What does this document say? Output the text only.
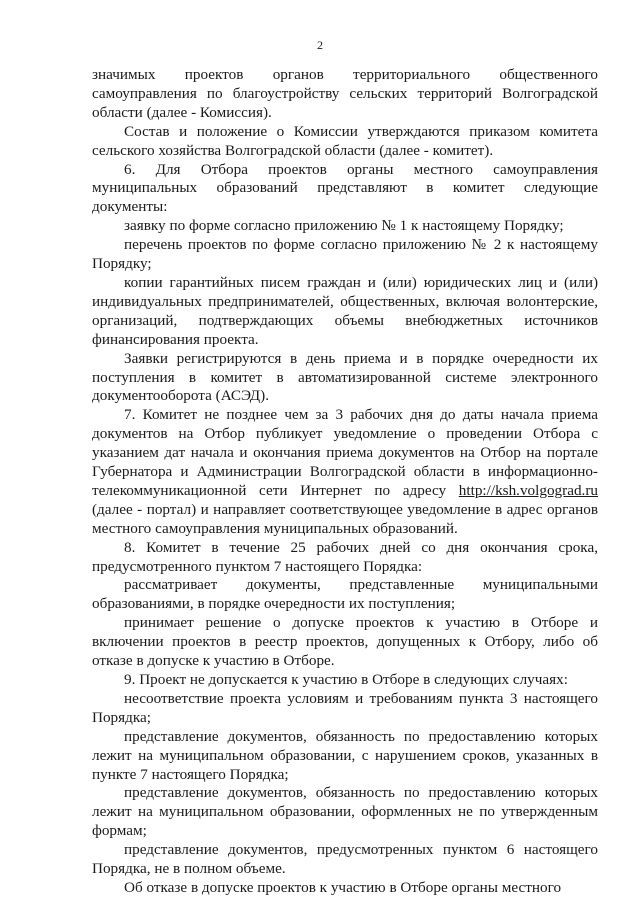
2

значимых проектов органов территориального общественного самоуправления по благоустройству сельских территорий Волгоградской области (далее - Комиссия).

Состав и положение о Комиссии утверждаются приказом комитета сельского хозяйства Волгоградской области (далее - комитет).

6. Для Отбора проектов органы местного самоуправления муниципальных образований представляют в комитет следующие документы:

заявку по форме согласно приложению № 1 к настоящему Порядку;

перечень проектов по форме согласно приложению № 2 к настоящему Порядку;

копии гарантийных писем граждан и (или) юридических лиц и (или) индивидуальных предпринимателей, общественных, включая волонтерские, организаций, подтверждающих объемы внебюджетных источников финансирования проекта.

Заявки регистрируются в день приема и в порядке очередности их поступления в комитет в автоматизированной системе электронного документооборота (АСЭД).

7. Комитет не позднее чем за 3 рабочих дня до даты начала приема документов на Отбор публикует уведомление о проведении Отбора с указанием дат начала и окончания приема документов на Отбор на портале Губернатора и Администрации Волгоградской области в информационно-телекоммуникационной сети Интернет по адресу http://ksh.volgograd.ru (далее - портал) и направляет соответствующее уведомление в адрес органов местного самоуправления муниципальных образований.

8. Комитет в течение 25 рабочих дней со дня окончания срока, предусмотренного пунктом 7 настоящего Порядка:

рассматривает документы, представленные муниципальными образованиями, в порядке очередности их поступления;

принимает решение о допуске проектов к участию в Отборе и включении проектов в реестр проектов, допущенных к Отбору, либо об отказе в допуске к участию в Отборе.

9. Проект не допускается к участию в Отборе в следующих случаях:

несоответствие проекта условиям и требованиям пункта 3 настоящего Порядка;

представление документов, обязанность по предоставлению которых лежит на муниципальном образовании, с нарушением сроков, указанных в пункте 7 настоящего Порядка;

представление документов, обязанность по предоставлению которых лежит на муниципальном образовании, оформленных не по утвержденным формам;

представление документов, предусмотренных пунктом 6 настоящего Порядка, не в полном объеме.

Об отказе в допуске проектов к участию в Отборе органы местного
